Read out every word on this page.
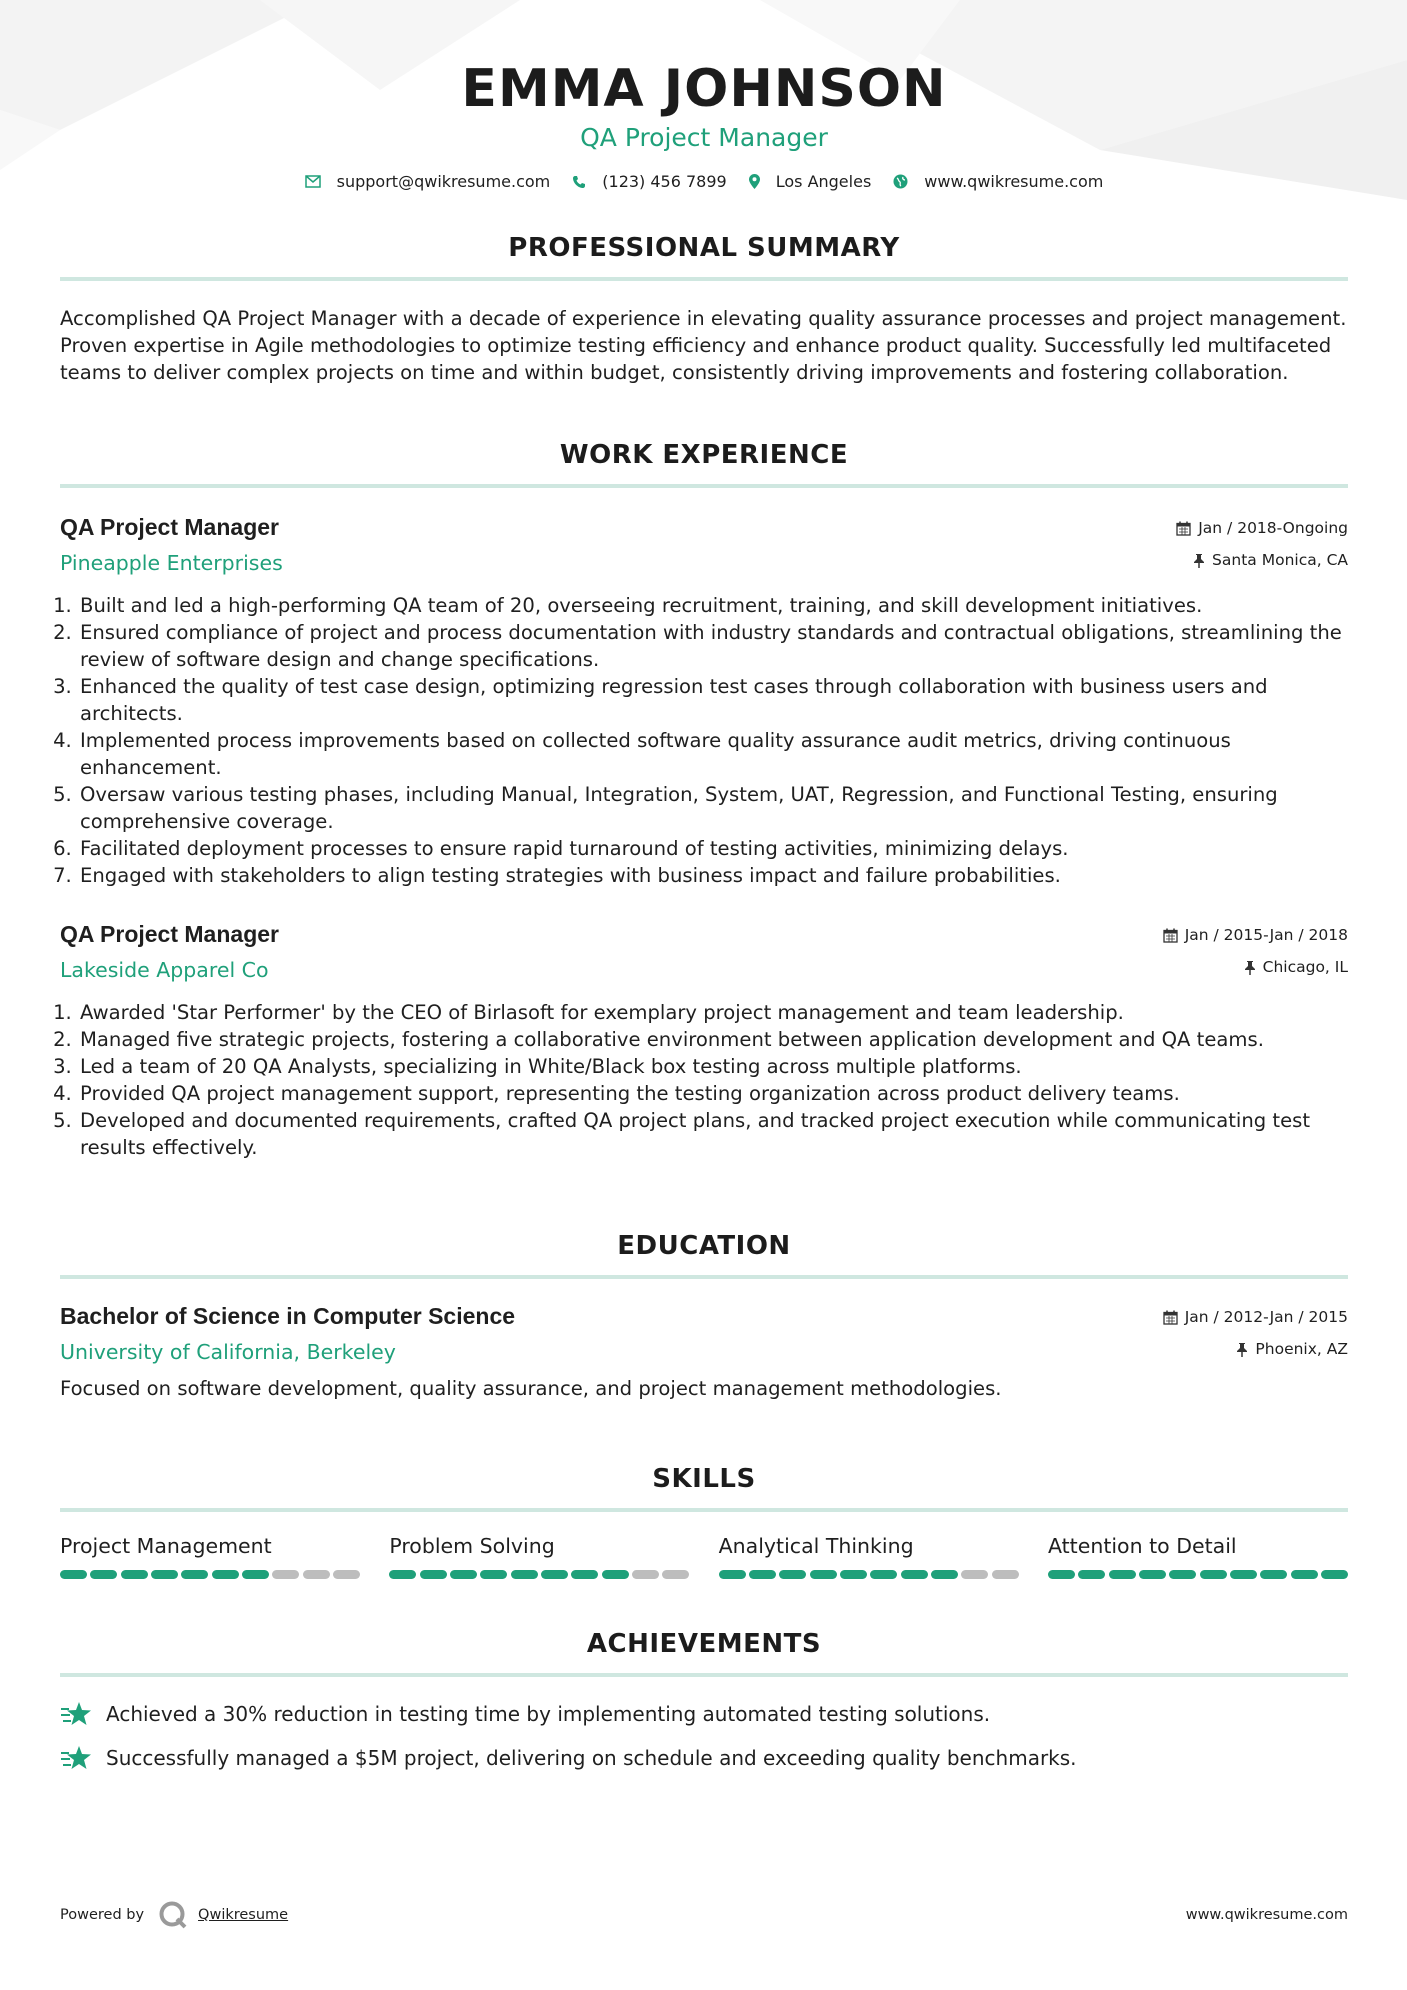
EMMA JOHNSON
QA Project Manager
support@qwikresume.com	(123) 456 7899	Los Angeles	www.qwikresume.com
PROFESSIONAL SUMMARY
Accomplished QA Project Manager with a decade of experience in elevating quality assurance processes and project management. Proven expertise in Agile methodologies to optimize testing efficiency and enhance product quality. Successfully led multifaceted teams to deliver complex projects on time and within budget, consistently driving improvements and fostering collaboration.
WORK EXPERIENCE
QA Project Manager
Pineapple Enterprises
Jan / 2018-Ongoing
Santa Monica, CA
1. Built and led a high-performing QA team of 20, overseeing recruitment, training, and skill development initiatives.
2. Ensured compliance of project and process documentation with industry standards and contractual obligations, streamlining the review of software design and change specifications.
3. Enhanced the quality of test case design, optimizing regression test cases through collaboration with business users and architects.
4. Implemented process improvements based on collected software quality assurance audit metrics, driving continuous enhancement.
5. Oversaw various testing phases, including Manual, Integration, System, UAT, Regression, and Functional Testing, ensuring comprehensive coverage.
6. Facilitated deployment processes to ensure rapid turnaround of testing activities, minimizing delays.
7. Engaged with stakeholders to align testing strategies with business impact and failure probabilities.
QA Project Manager
Lakeside Apparel Co
Jan / 2015-Jan / 2018
Chicago, IL
1. Awarded 'Star Performer' by the CEO of Birlasoft for exemplary project management and team leadership.
2. Managed five strategic projects, fostering a collaborative environment between application development and QA teams.
3. Led a team of 20 QA Analysts, specializing in White/Black box testing across multiple platforms.
4. Provided QA project management support, representing the testing organization across product delivery teams.
5. Developed and documented requirements, crafted QA project plans, and tracked project execution while communicating test results effectively.
EDUCATION
Bachelor of Science in Computer Science
University of California, Berkeley
Jan / 2012-Jan / 2015
Phoenix, AZ
Focused on software development, quality assurance, and project management methodologies.
SKILLS
Project Management	Problem Solving	Analytical Thinking	Attention to Detail
ACHIEVEMENTS
Achieved a 30% reduction in testing time by implementing automated testing solutions.
Successfully managed a $5M project, delivering on schedule and exceeding quality benchmarks.
Powered by	Qwikresume	www.qwikresume.com
